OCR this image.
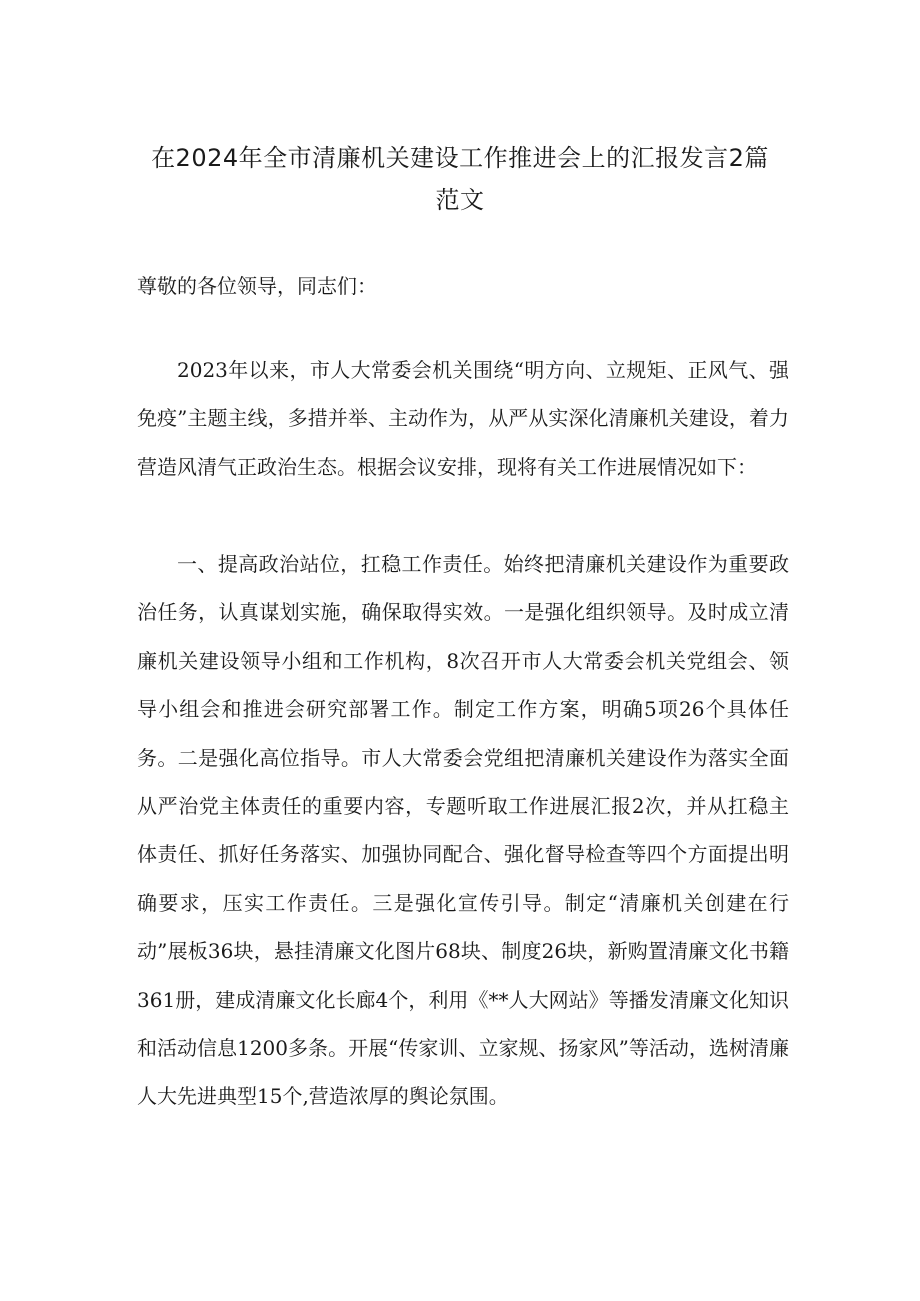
在2024年全市清廉机关建设工作推进会上的汇报发言2篇
范文

尊敬的各位领导，同志们：

2023年以来，市人大常委会机关围绕“明方向、立规矩、正风气、强免疫”主题主线，多措并举、主动作为，从严从实深化清廉机关建设，着力营造风清气正政治生态。根据会议安排，现将有关工作进展情况如下：

一、提高政治站位，扛稳工作责任。始终把清廉机关建设作为重要政治任务，认真谋划实施，确保取得实效。一是强化组织领导。及时成立清廉机关建设领导小组和工作机构，8次召开市人大常委会机关党组会、领导小组会和推进会研究部署工作。制定工作方案，明确5项26个具体任务。二是强化高位指导。市人大常委会党组把清廉机关建设作为落实全面从严治党主体责任的重要内容，专题听取工作进展汇报2次，并从扛稳主体责任、抓好任务落实、加强协同配合、强化督导检查等四个方面提出明确要求，压实工作责任。三是强化宣传引导。制定“清廉机关创建在行动”展板36块，悬挂清廉文化图片68块、制度26块，新购置清廉文化书籍361册，建成清廉文化长廊4个，利用《**人大网站》等播发清廉文化知识和活动信息1200多条。开展“传家训、立家规、扬家风”等活动，选树清廉人大先进典型15个,营造浓厚的舆论氛围。
